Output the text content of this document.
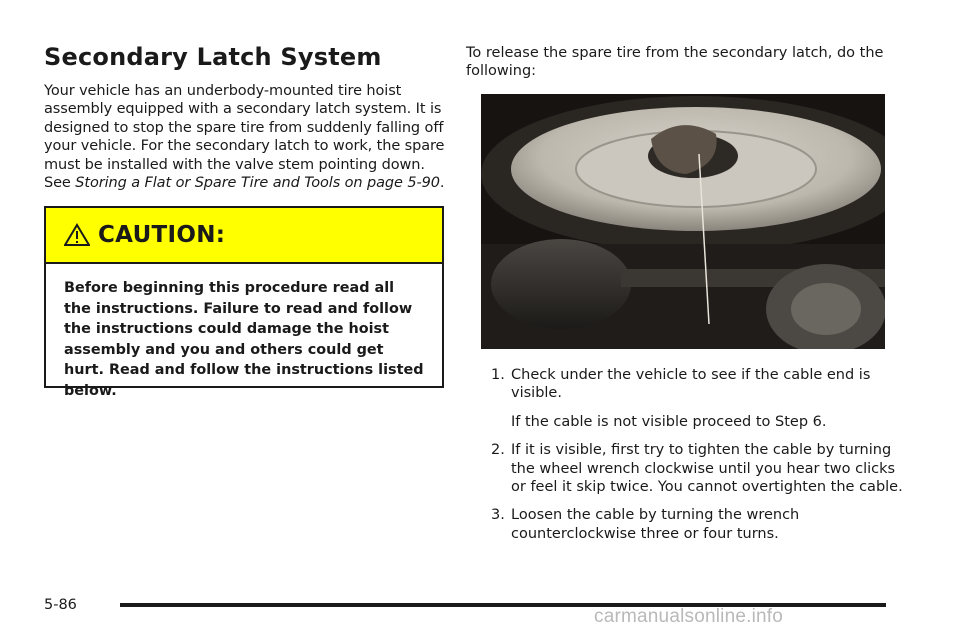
Secondary Latch System

Your vehicle has an underbody-mounted tire hoist assembly equipped with a secondary latch system. It is designed to stop the spare tire from suddenly falling off your vehicle. For the secondary latch to work, the spare must be installed with the valve stem pointing down. See Storing a Flat or Spare Tire and Tools on page 5-90.

CAUTION:
Before beginning this procedure read all the instructions. Failure to read and follow the instructions could damage the hoist assembly and you and others could get hurt. Read and follow the instructions listed below.

To release the spare tire from the secondary latch, do the following:

1. Check under the vehicle to see if the cable end is visible.
If the cable is not visible proceed to Step 6.
2. If it is visible, first try to tighten the cable by turning the wheel wrench clockwise until you hear two clicks or feel it skip twice. You cannot overtighten the cable.
3. Loosen the cable by turning the wrench counterclockwise three or four turns.
5-86
carmanualsonline.info
